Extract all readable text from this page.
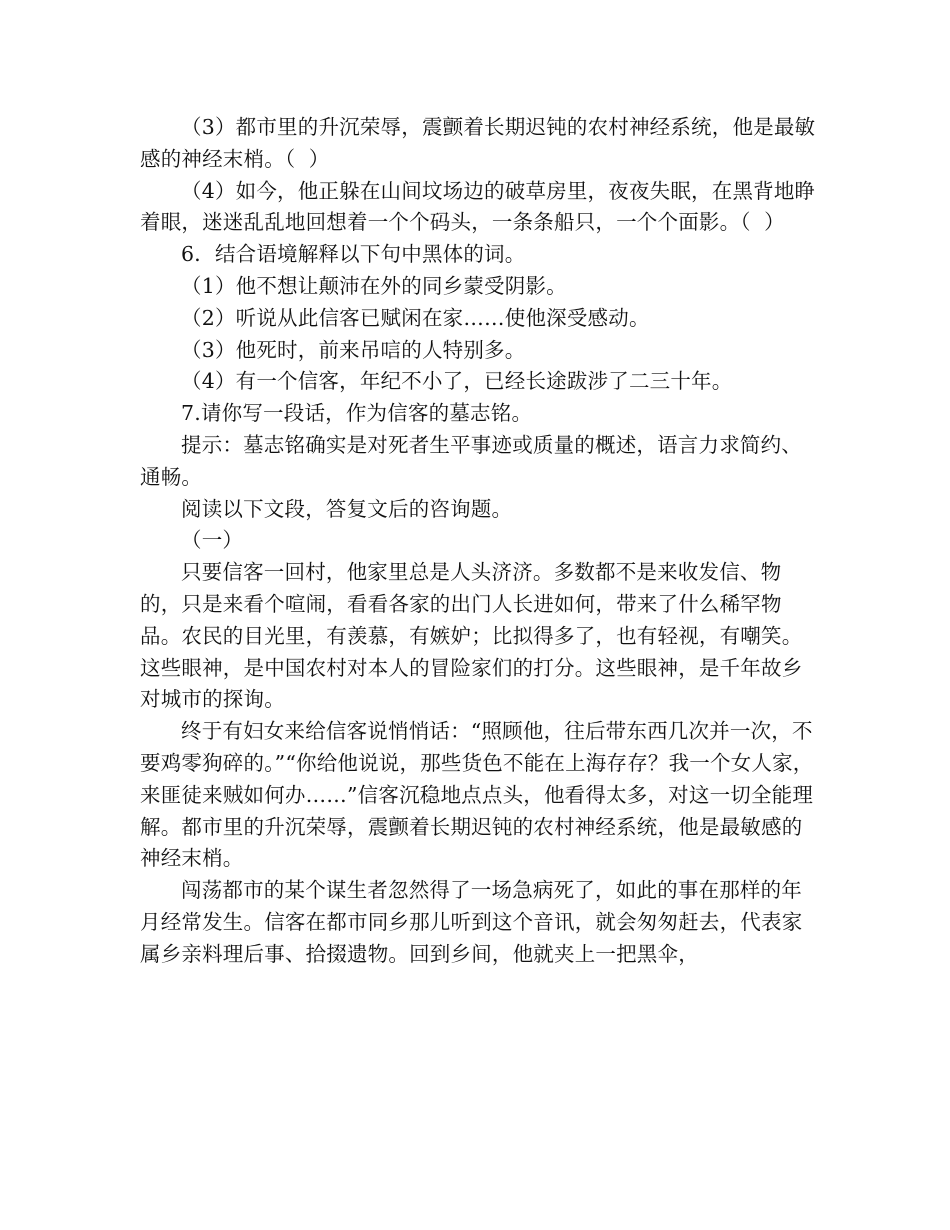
（3）都市里的升沉荣辱，震颤着长期迟钝的农村神经系统，他是最敏感的神经末梢。（  ）

（4）如今，他正躲在山间坟场边的破草房里，夜夜失眠，在黑背地睁着眼，迷迷乱乱地回想着一个个码头，一条条船只，一个个面影。（  ）

6．结合语境解释以下句中黑体的词。

（1）他不想让颠沛在外的同乡蒙受阴影。

（2）听说从此信客已赋闲在家……使他深受感动。

（3）他死时，前来吊唁的人特别多。

（4）有一个信客，年纪不小了，已经长途跋涉了二三十年。

7.请你写一段话，作为信客的墓志铭。

提示：墓志铭确实是对死者生平事迹或质量的概述，语言力求简约、通畅。

阅读以下文段，答复文后的咨询题。

（一）

只要信客一回村，他家里总是人头济济。多数都不是来收发信、物的，只是来看个喧闹，看看各家的出门人长进如何，带来了什么稀罕物品。农民的目光里，有羡慕，有嫉妒；比拟得多了，也有轻视，有嘲笑。这些眼神，是中国农村对本人的冒险家们的打分。这些眼神，是千年故乡对城市的探询。

终于有妇女来给信客说悄悄话：“照顾他，往后带东西几次并一次，不要鸡零狗碎的。”“你给他说说，那些货色不能在上海存存？我一个女人家，来匪徒来贼如何办……”信客沉稳地点点头，他看得太多，对这一切全能理解。都市里的升沉荣辱，震颤着长期迟钝的农村神经系统，他是最敏感的神经末梢。

闯荡都市的某个谋生者忽然得了一场急病死了，如此的事在那样的年月经常发生。信客在都市同乡那儿听到这个音讯，就会匆匆赶去，代表家属乡亲料理后事、拾掇遗物。回到乡间，他就夹上一把黑伞，
